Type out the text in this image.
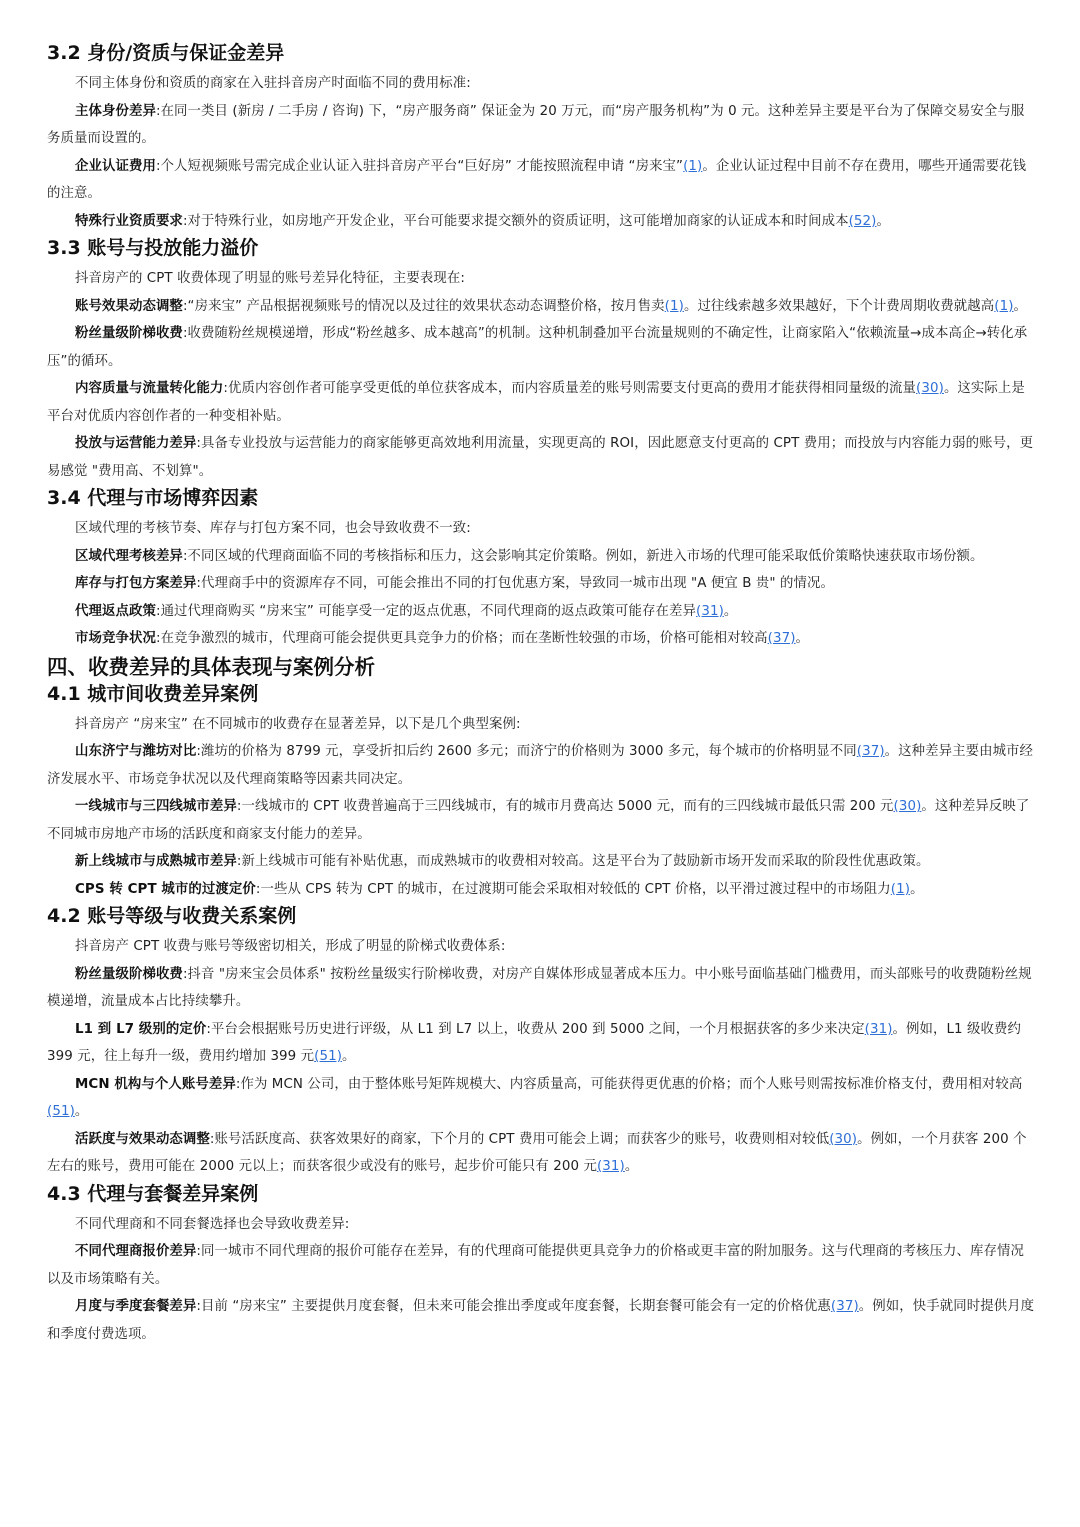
3.2 身份/资质与保证金差异

不同主体身份和资质的商家在入驻抖音房产时面临不同的费用标准:

主体身份差异:在同一类目 (新房 / 二手房 / 咨询) 下，“房产服务商” 保证金为 20 万元，而“房产服务机构”为 0 元。这种差异主要是平台为了保障交易安全与服务质量而设置的。

企业认证费用:个人短视频账号需完成企业认证入驻抖音房产平台“巨好房” 才能按照流程申请 “房来宝”(1)。企业认证过程中目前不存在费用，哪些开通需要花钱的注意。

特殊行业资质要求:对于特殊行业，如房地产开发企业，平台可能要求提交额外的资质证明，这可能增加商家的认证成本和时间成本(52)。

3.3 账号与投放能力溢价

抖音房产的 CPT 收费体现了明显的账号差异化特征，主要表现在:

账号效果动态调整:“房来宝” 产品根据视频账号的情况以及过往的效果状态动态调整价格，按月售卖(1)。过往线索越多效果越好，下个计费周期收费就越高(1)。

粉丝量级阶梯收费:收费随粉丝规模递增，形成“粉丝越多、成本越高”的机制。这种机制叠加平台流量规则的不确定性，让商家陷入“依赖流量→成本高企→转化承压”的循环。

内容质量与流量转化能力:优质内容创作者可能享受更低的单位获客成本，而内容质量差的账号则需要支付更高的费用才能获得相同量级的流量(30)。这实际上是平台对优质内容创作者的一种变相补贴。

投放与运营能力差异:具备专业投放与运营能力的商家能够更高效地利用流量，实现更高的 ROI，因此愿意支付更高的 CPT 费用；而投放与内容能力弱的账号，更易感觉 "费用高、不划算"。

3.4 代理与市场博弈因素

区域代理的考核节奏、库存与打包方案不同，也会导致收费不一致:

区域代理考核差异:不同区域的代理商面临不同的考核指标和压力，这会影响其定价策略。例如，新进入市场的代理可能采取低价策略快速获取市场份额。

库存与打包方案差异:代理商手中的资源库存不同，可能会推出不同的打包优惠方案，导致同一城市出现 "A 便宜 B 贵" 的情况。

代理返点政策:通过代理商购买 “房来宝” 可能享受一定的返点优惠，不同代理商的返点政策可能存在差异(31)。

市场竞争状况:在竞争激烈的城市，代理商可能会提供更具竞争力的价格；而在垄断性较强的市场，价格可能相对较高(37)。

四、收费差异的具体表现与案例分析
4.1 城市间收费差异案例

抖音房产 “房来宝” 在不同城市的收费存在显著差异，以下是几个典型案例:

山东济宁与潍坊对比:潍坊的价格为 8799 元，享受折扣后约 2600 多元；而济宁的价格则为 3000 多元，每个城市的价格明显不同(37)。这种差异主要由城市经济发展水平、市场竞争状况以及代理商策略等因素共同决定。

一线城市与三四线城市差异:一线城市的 CPT 收费普遍高于三四线城市，有的城市月费高达 5000 元，而有的三四线城市最低只需 200 元(30)。这种差异反映了不同城市房地产市场的活跃度和商家支付能力的差异。

新上线城市与成熟城市差异:新上线城市可能有补贴优惠，而成熟城市的收费相对较高。这是平台为了鼓励新市场开发而采取的阶段性优惠政策。

CPS 转 CPT 城市的过渡定价:一些从 CPS 转为 CPT 的城市，在过渡期可能会采取相对较低的 CPT 价格，以平滑过渡过程中的市场阻力(1)。

4.2 账号等级与收费关系案例

抖音房产 CPT 收费与账号等级密切相关，形成了明显的阶梯式收费体系:

粉丝量级阶梯收费:抖音 "房来宝会员体系" 按粉丝量级实行阶梯收费，对房产自媒体形成显著成本压力。中小账号面临基础门槛费用，而头部账号的收费随粉丝规模递增，流量成本占比持续攀升。

L1 到 L7 级别的定价:平台会根据账号历史进行评级，从 L1 到 L7 以上，收费从 200 到 5000 之间，一个月根据获客的多少来决定(31)。例如，L1 级收费约 399 元，往上每升一级，费用约增加 399 元(51)。

MCN 机构与个人账号差异:作为 MCN 公司，由于整体账号矩阵规模大、内容质量高，可能获得更优惠的价格；而个人账号则需按标准价格支付，费用相对较高(51)。

活跃度与效果动态调整:账号活跃度高、获客效果好的商家，下个月的 CPT 费用可能会上调；而获客少的账号，收费则相对较低(30)。例如，一个月获客 200 个左右的账号，费用可能在 2000 元以上；而获客很少或没有的账号，起步价可能只有 200 元(31)。

4.3 代理与套餐差异案例

不同代理商和不同套餐选择也会导致收费差异:

不同代理商报价差异:同一城市不同代理商的报价可能存在差异，有的代理商可能提供更具竞争力的价格或更丰富的附加服务。这与代理商的考核压力、库存情况以及市场策略有关。

月度与季度套餐差异:目前 “房来宝” 主要提供月度套餐，但未来可能会推出季度或年度套餐，长期套餐可能会有一定的价格优惠(37)。例如，快手就同时提供月度和季度付费选项。
